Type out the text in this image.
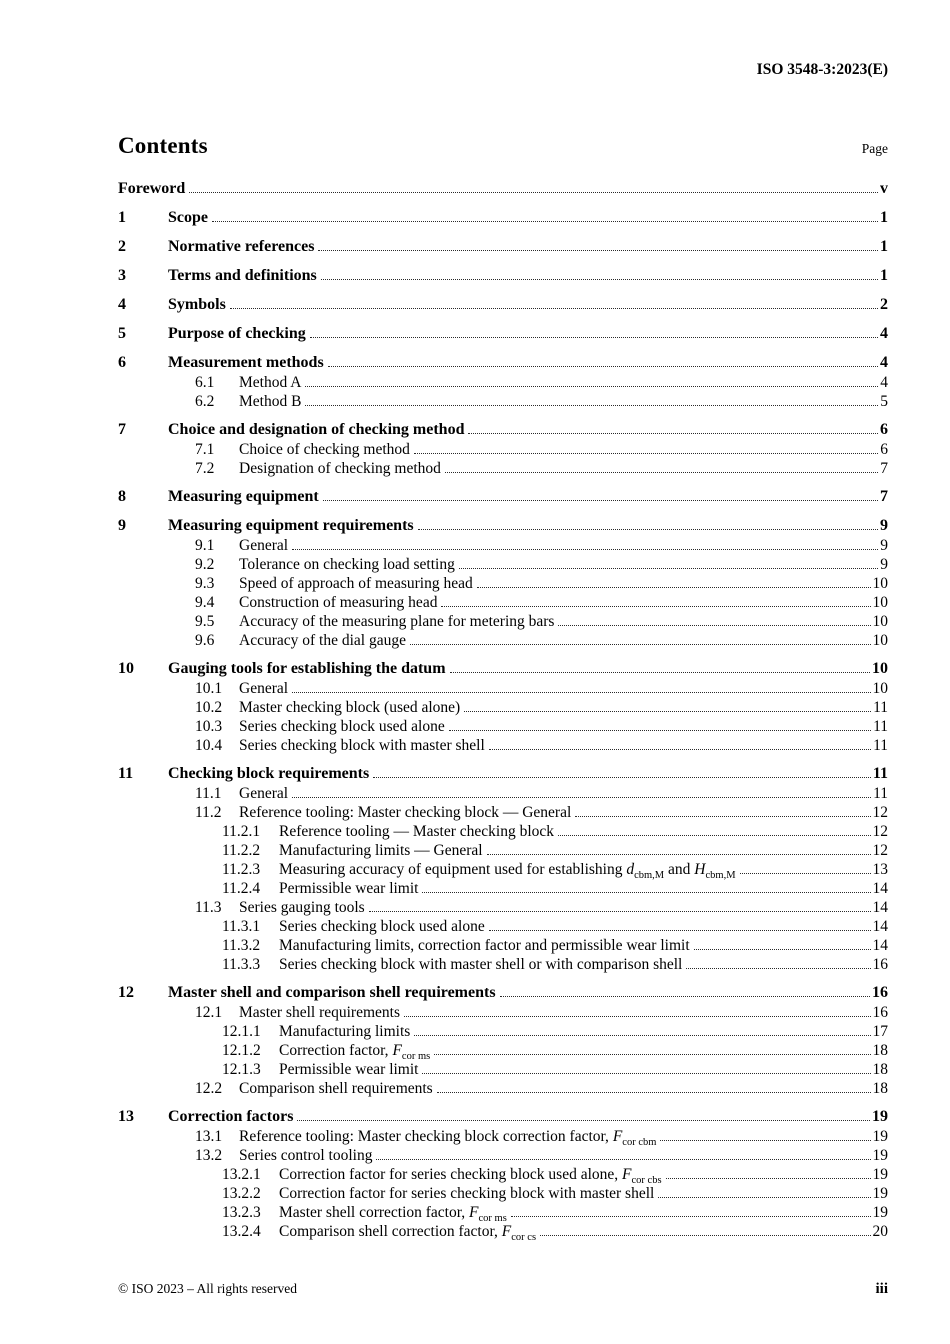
ISO 3548-3:2023(E)
Contents	Page
Foreword	v
1	Scope	1
2	Normative references	1
3	Terms and definitions	1
4	Symbols	2
5	Purpose of checking	4
6	Measurement methods	4
6.1	Method A	4
6.2	Method B	5
7	Choice and designation of checking method	6
7.1	Choice of checking method	6
7.2	Designation of checking method	7
8	Measuring equipment	7
9	Measuring equipment requirements	9
9.1	General	9
9.2	Tolerance on checking load setting	9
9.3	Speed of approach of measuring head	10
9.4	Construction of measuring head	10
9.5	Accuracy of the measuring plane for metering bars	10
9.6	Accuracy of the dial gauge	10
10	Gauging tools for establishing the datum	10
10.1	General	10
10.2	Master checking block (used alone)	11
10.3	Series checking block used alone	11
10.4	Series checking block with master shell	11
11	Checking block requirements	11
11.1	General	11
11.2	Reference tooling: Master checking block — General	12
11.2.1	Reference tooling — Master checking block	12
11.2.2	Manufacturing limits — General	12
11.2.3	Measuring accuracy of equipment used for establishing $d_{cbm,M}$ and $H_{cbm,M}$	13
11.2.4	Permissible wear limit	14
11.3	Series gauging tools	14
11.3.1	Series checking block used alone	14
11.3.2	Manufacturing limits, correction factor and permissible wear limit	14
11.3.3	Series checking block with master shell or with comparison shell	16
12	Master shell and comparison shell requirements	16
12.1	Master shell requirements	16
12.1.1	Manufacturing limits	17
12.1.2	Correction factor, $F_{cor ms}$	18
12.1.3	Permissible wear limit	18
12.2	Comparison shell requirements	18
13	Correction factors	19
13.1	Reference tooling: Master checking block correction factor, $F_{cor cbm}$	19
13.2	Series control tooling	19
13.2.1	Correction factor for series checking block used alone, $F_{cor cbs}$	19
13.2.2	Correction factor for series checking block with master shell	19
13.2.3	Master shell correction factor, $F_{cor ms}$	19
13.2.4	Comparison shell correction factor, $F_{cor cs}$	20
© ISO 2023 – All rights reserved	iii
